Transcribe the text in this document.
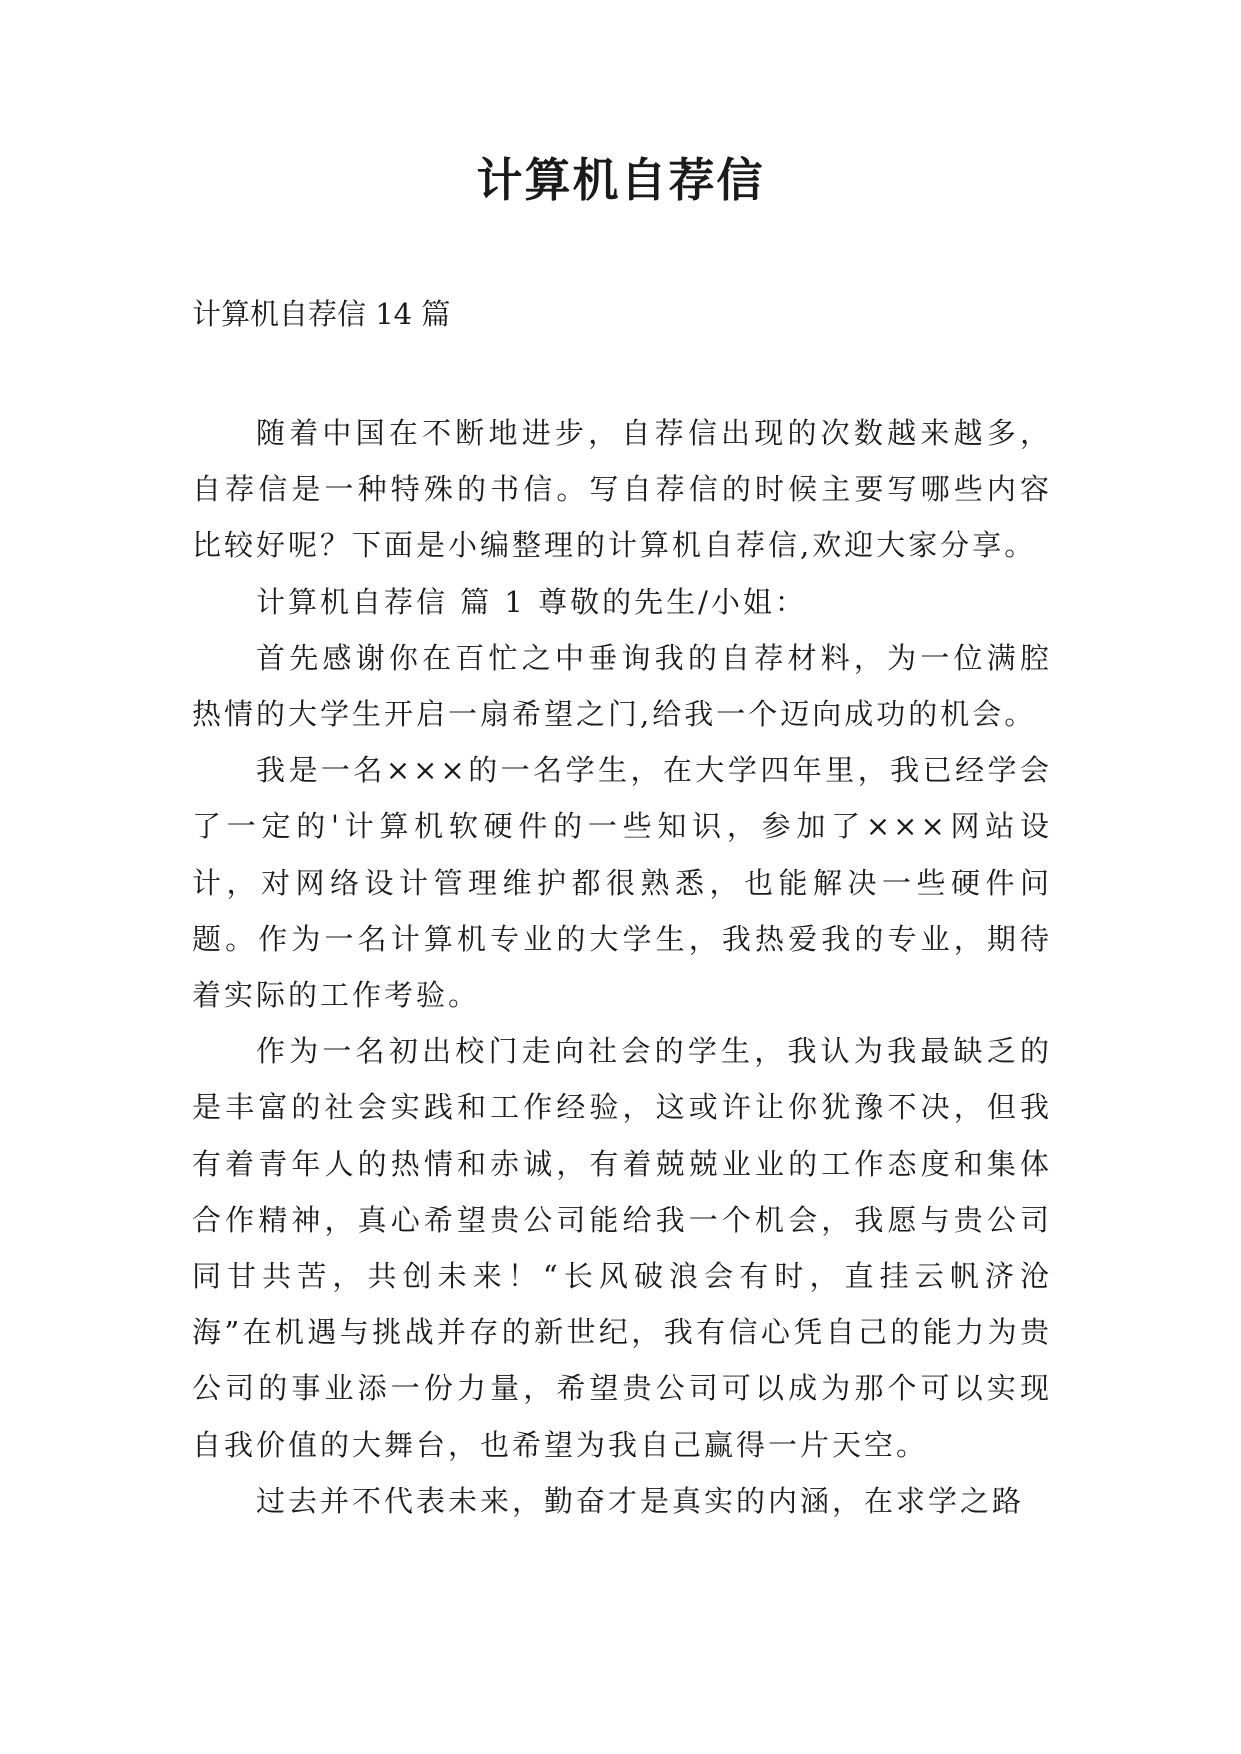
计算机自荐信

计算机自荐信 14 篇

随着中国在不断地进步，自荐信出现的次数越来越多，自荐信是一种特殊的书信。写自荐信的时候主要写哪些内容比较好呢？下面是小编整理的计算机自荐信,欢迎大家分享。

计算机自荐信 篇 1 尊敬的先生/小姐：

首先感谢你在百忙之中垂询我的自荐材料，为一位满腔热情的大学生开启一扇希望之门,给我一个迈向成功的机会。

我是一名×××的一名学生，在大学四年里，我已经学会了一定的'计算机软硬件的一些知识，参加了×××网站设计，对网络设计管理维护都很熟悉，也能解决一些硬件问题。作为一名计算机专业的大学生，我热爱我的专业，期待着实际的工作考验。

作为一名初出校门走向社会的学生，我认为我最缺乏的是丰富的社会实践和工作经验，这或许让你犹豫不决，但我有着青年人的热情和赤诚，有着兢兢业业的工作态度和集体合作精神，真心希望贵公司能给我一个机会，我愿与贵公司同甘共苦，共创未来！“长风破浪会有时，直挂云帆济沧海”在机遇与挑战并存的新世纪，我有信心凭自己的能力为贵公司的事业添一份力量，希望贵公司可以成为那个可以实现自我价值的大舞台，也希望为我自己赢得一片天空。

过去并不代表未来，勤奋才是真实的内涵，在求学之路
